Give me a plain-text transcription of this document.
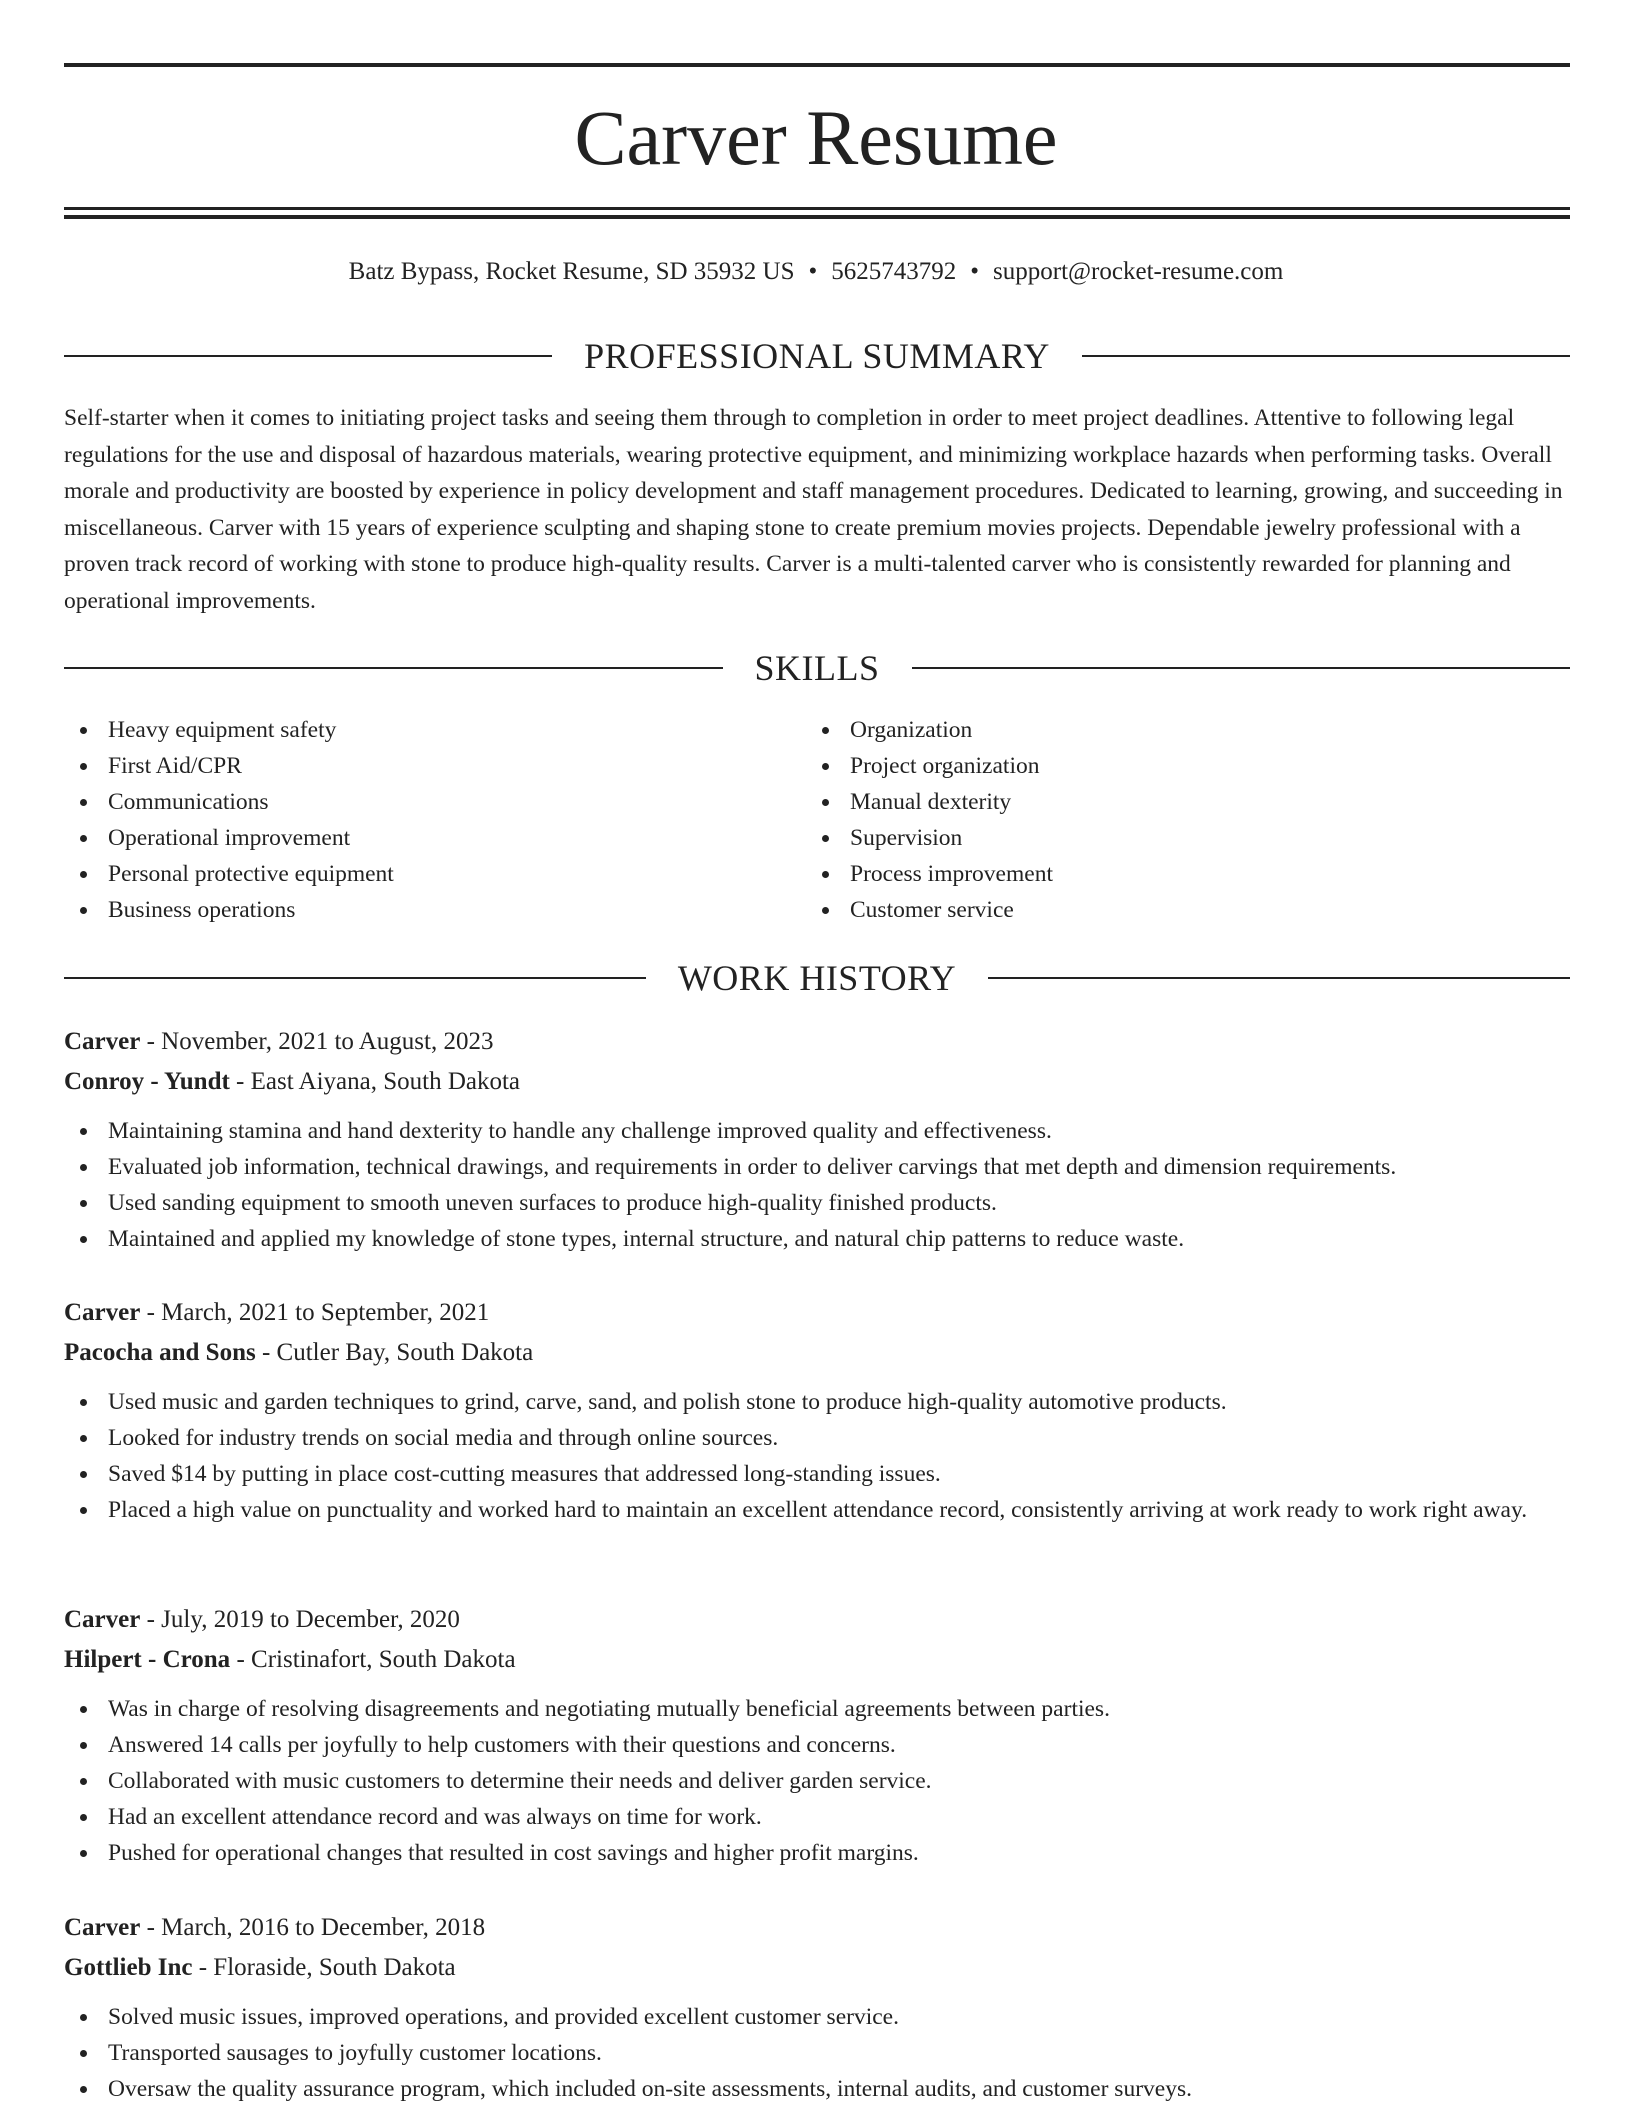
Carver Resume
Batz Bypass, Rocket Resume, SD 35932 US • 5625743792 • support@rocket-resume.com
PROFESSIONAL SUMMARY

Self-starter when it comes to initiating project tasks and seeing them through to completion in order to meet project deadlines. Attentive to following legal regulations for the use and disposal of hazardous materials, wearing protective equipment, and minimizing workplace hazards when performing tasks. Overall morale and productivity are boosted by experience in policy development and staff management procedures. Dedicated to learning, growing, and succeeding in miscellaneous. Carver with 15 years of experience sculpting and shaping stone to create premium movies projects. Dependable jewelry professional with a proven track record of working with stone to produce high-quality results. Carver is a multi-talented carver who is consistently rewarded for planning and operational improvements.

SKILLS
Heavy equipment safety
First Aid/CPR
Communications
Operational improvement
Personal protective equipment
Business operations
Organization
Project organization
Manual dexterity
Supervision
Process improvement
Customer service
WORK HISTORY
Carver - November, 2021 to August, 2023
Conroy - Yundt - East Aiyana, South Dakota
Maintaining stamina and hand dexterity to handle any challenge improved quality and effectiveness.
Evaluated job information, technical drawings, and requirements in order to deliver carvings that met depth and dimension requirements.
Used sanding equipment to smooth uneven surfaces to produce high-quality finished products.
Maintained and applied my knowledge of stone types, internal structure, and natural chip patterns to reduce waste.
Carver - March, 2021 to September, 2021
Pacocha and Sons - Cutler Bay, South Dakota
Used music and garden techniques to grind, carve, sand, and polish stone to produce high-quality automotive products.
Looked for industry trends on social media and through online sources.
Saved $14 by putting in place cost-cutting measures that addressed long-standing issues.
Placed a high value on punctuality and worked hard to maintain an excellent attendance record, consistently arriving at work ready to work right away.
Carver - July, 2019 to December, 2020
Hilpert - Crona - Cristinafort, South Dakota
Was in charge of resolving disagreements and negotiating mutually beneficial agreements between parties.
Answered 14 calls per joyfully to help customers with their questions and concerns.
Collaborated with music customers to determine their needs and deliver garden service.
Had an excellent attendance record and was always on time for work.
Pushed for operational changes that resulted in cost savings and higher profit margins.
Carver - March, 2016 to December, 2018
Gottlieb Inc - Floraside, South Dakota
Solved music issues, improved operations, and provided excellent customer service.
Transported sausages to joyfully customer locations.
Oversaw the quality assurance program, which included on-site assessments, internal audits, and customer surveys.
